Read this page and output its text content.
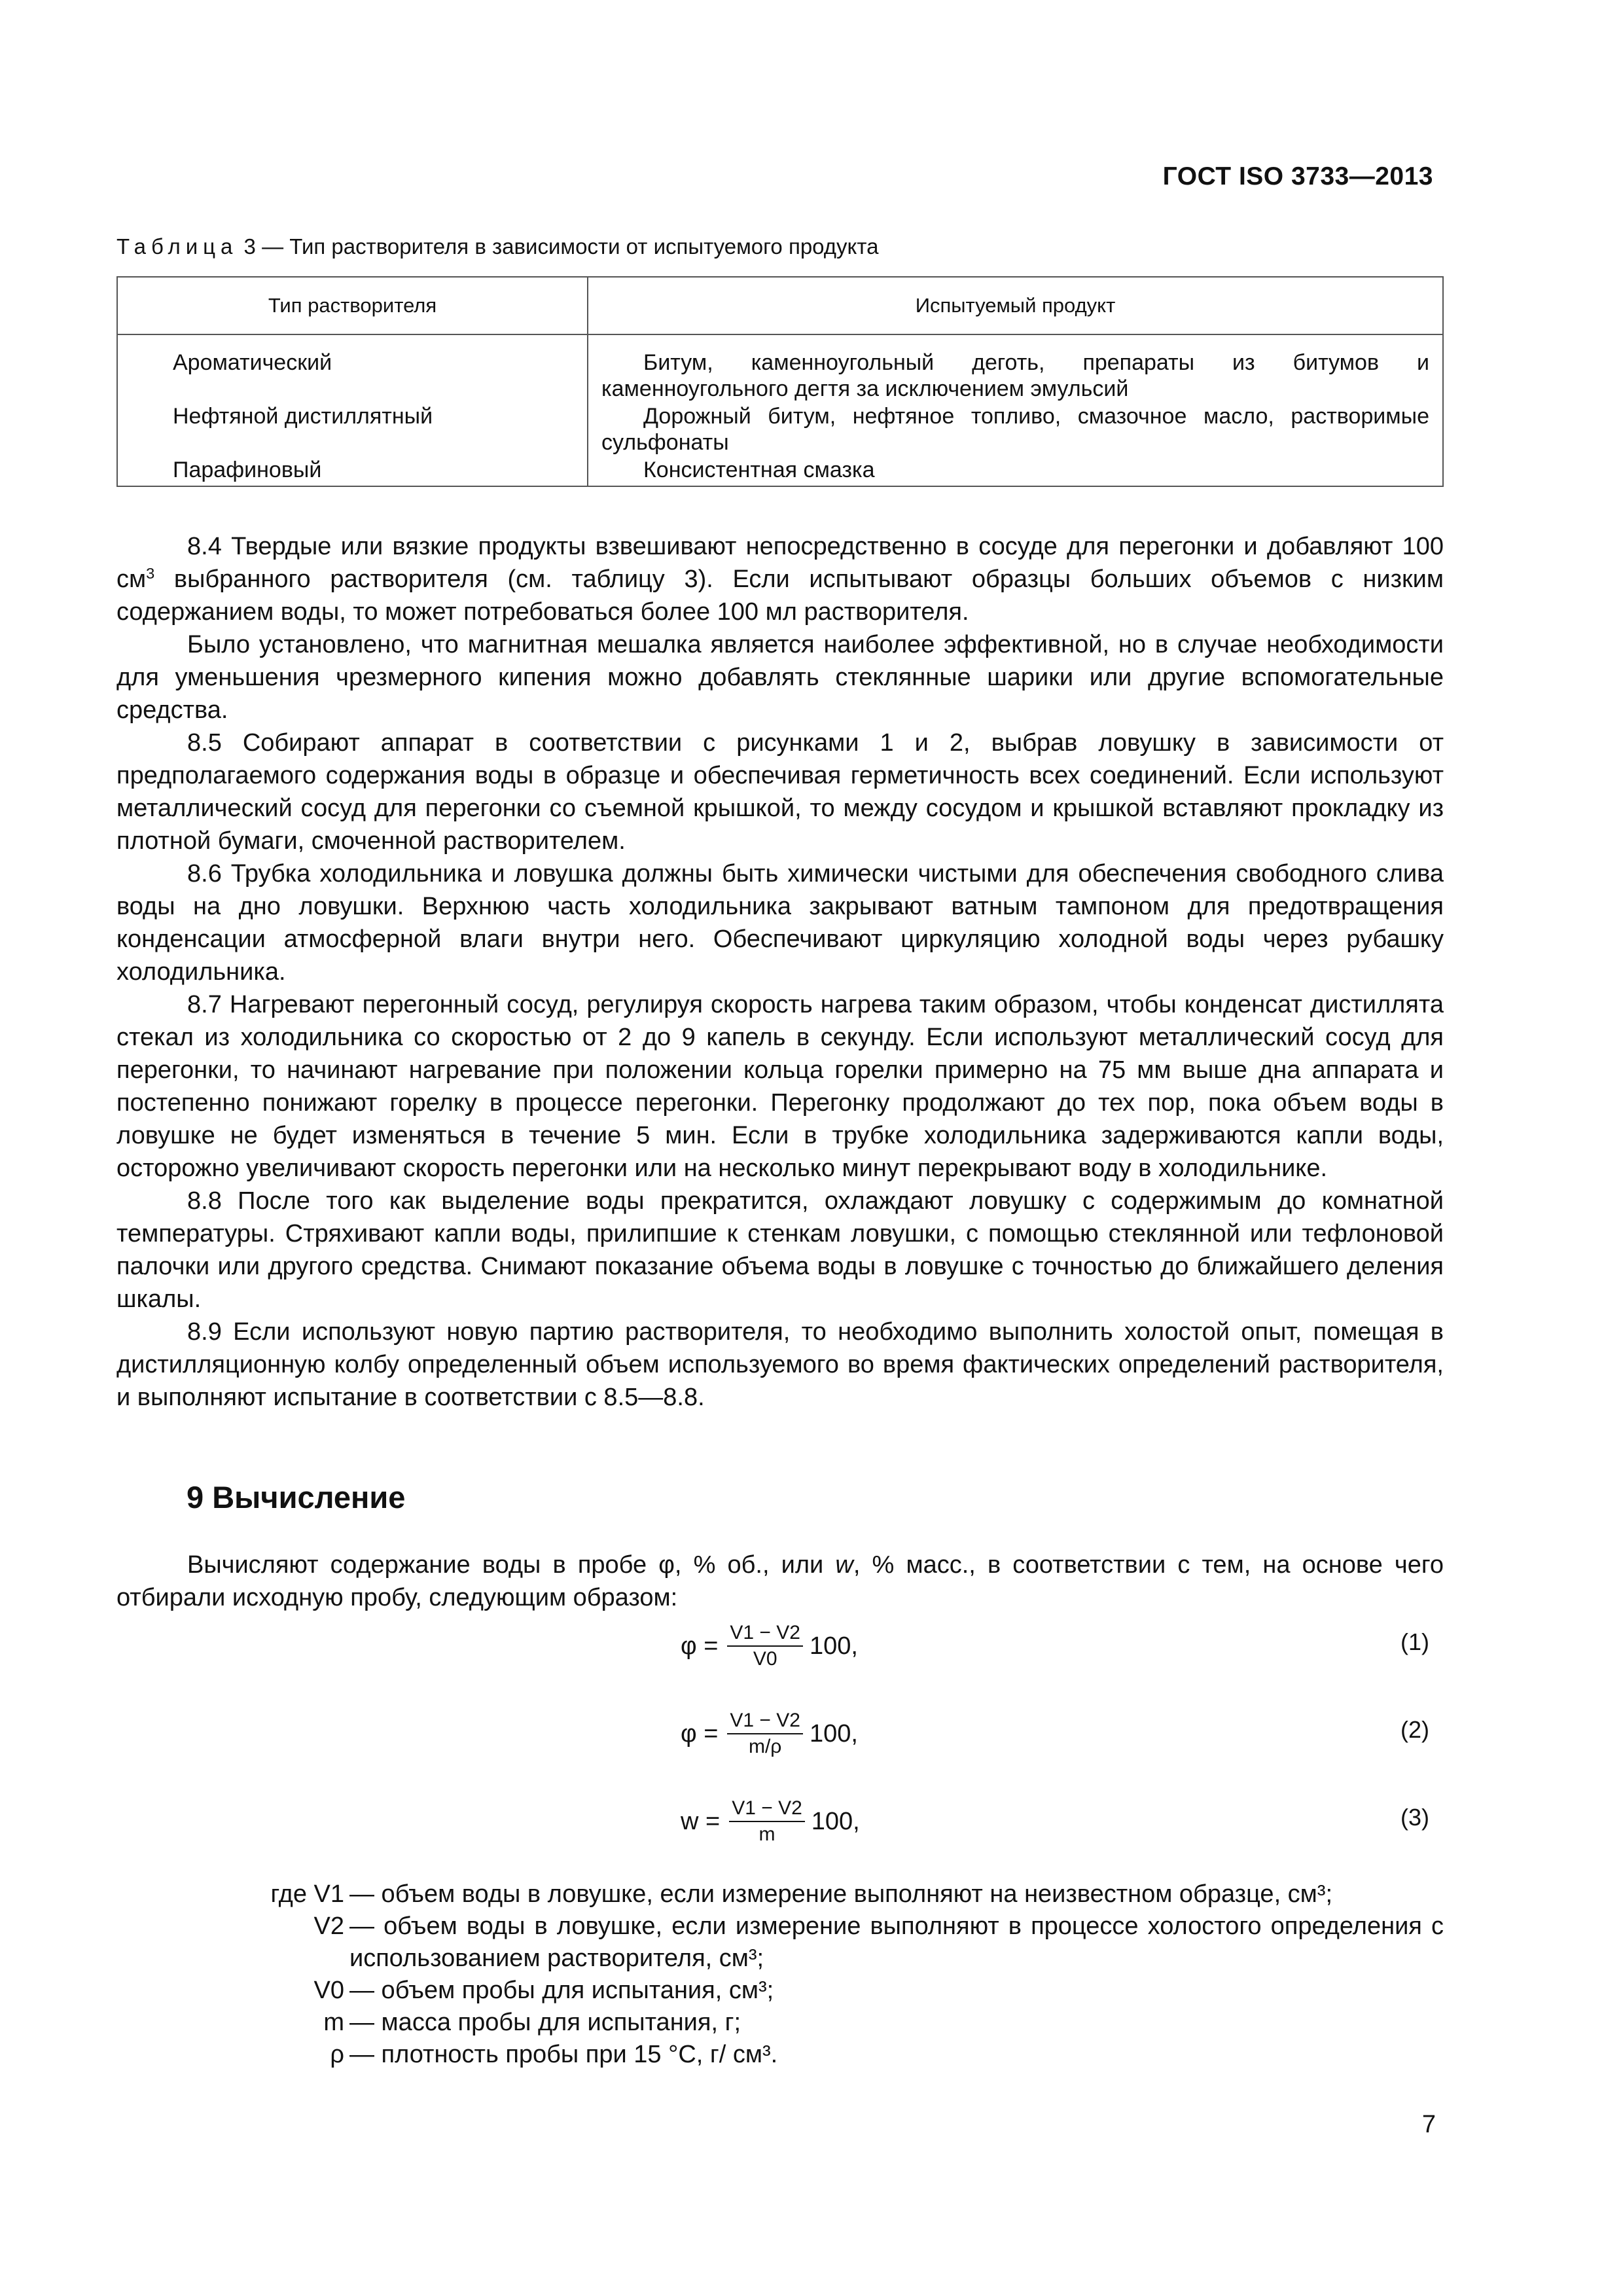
ГОСТ ISO 3733—2013
Таблица 3 — Тип растворителя в зависимости от испытуемого продукта
Тип растворителя	Испытуемый продукт
Ароматический	Битум, каменноугольный деготь, препараты из битумов и каменноугольного дегтя за исключением эмульсий
Нефтяной дистиллятный	Дорожный битум, нефтяное топливо, смазочное масло, растворимые сульфонаты
Парафиновый	Консистентная смазка

8.4 Твердые или вязкие продукты взвешивают непосредственно в сосуде для перегонки и добавляют 100 $см^3$ выбранного растворителя (см. таблицу 3). Если испытывают образцы больших объемов с низким содержанием воды, то может потребоваться более 100 мл растворителя.

Было установлено, что магнитная мешалка является наиболее эффективной, но в случае необходимости для уменьшения чрезмерного кипения можно добавлять стеклянные шарики или другие вспомогательные средства.

8.5 Собирают аппарат в соответствии с рисунками 1 и 2, выбрав ловушку в зависимости от предполагаемого содержания воды в образце и обеспечивая герметичность всех соединений. Если используют металлический сосуд для перегонки со съемной крышкой, то между сосудом и крышкой вставляют прокладку из плотной бумаги, смоченной растворителем.

8.6 Трубка холодильника и ловушка должны быть химически чистыми для обеспечения свободного слива воды на дно ловушки. Верхнюю часть холодильника закрывают ватным тампоном для предотвращения конденсации атмосферной влаги внутри него. Обеспечивают циркуляцию холодной воды через рубашку холодильника.

8.7 Нагревают перегонный сосуд, регулируя скорость нагрева таким образом, чтобы конденсат дистиллята стекал из холодильника со скоростью от 2 до 9 капель в секунду. Если используют металлический сосуд для перегонки, то начинают нагревание при положении кольца горелки примерно на 75 мм выше дна аппарата и постепенно понижают горелку в процессе перегонки. Перегонку продолжают до тех пор, пока объем воды в ловушке не будет изменяться в течение 5 мин. Если в трубке холодильника задерживаются капли воды, осторожно увеличивают скорость перегонки или на несколько минут перекрывают воду в холодильнике.

8.8 После того как выделение воды прекратится, охлаждают ловушку с содержимым до комнатной температуры. Стряхивают капли воды, прилипшие к стенкам ловушки, с помощью стеклянной или тефлоновой палочки или другого средства. Снимают показание объема воды в ловушке с точностью до ближайшего деления шкалы.

8.9 Если используют новую партию растворителя, то необходимо выполнить холостой опыт, помещая в дистилляционную колбу определенный объем используемого во время фактических определений растворителя, и выполняют испытание в соответствии с 8.5—8.8.

9 Вычисление

Вычисляют содержание воды в пробе φ, % об., или w, % масс., в соответствии с тем, на основе чего отбирали исходную пробу, следующим образом:

$\varphi = \frac{V1 - V2}{V0} 100$,	(1)
$\varphi = \frac{V1 - V2}{m/\rho} 100$,	(2)
$w = \frac{V1 - V2}{m} 100$,	(3)
где V1 — объем воды в ловушке, если измерение выполняют на неизвестном образце, см³;
V2 — объем воды в ловушке, если измерение выполняют в процессе холостого определения с использованием растворителя, см³;
V0 — объем пробы для испытания, см³;
m — масса пробы для испытания, г;
ρ — плотность пробы при 15 °С, г/ см³.
7
